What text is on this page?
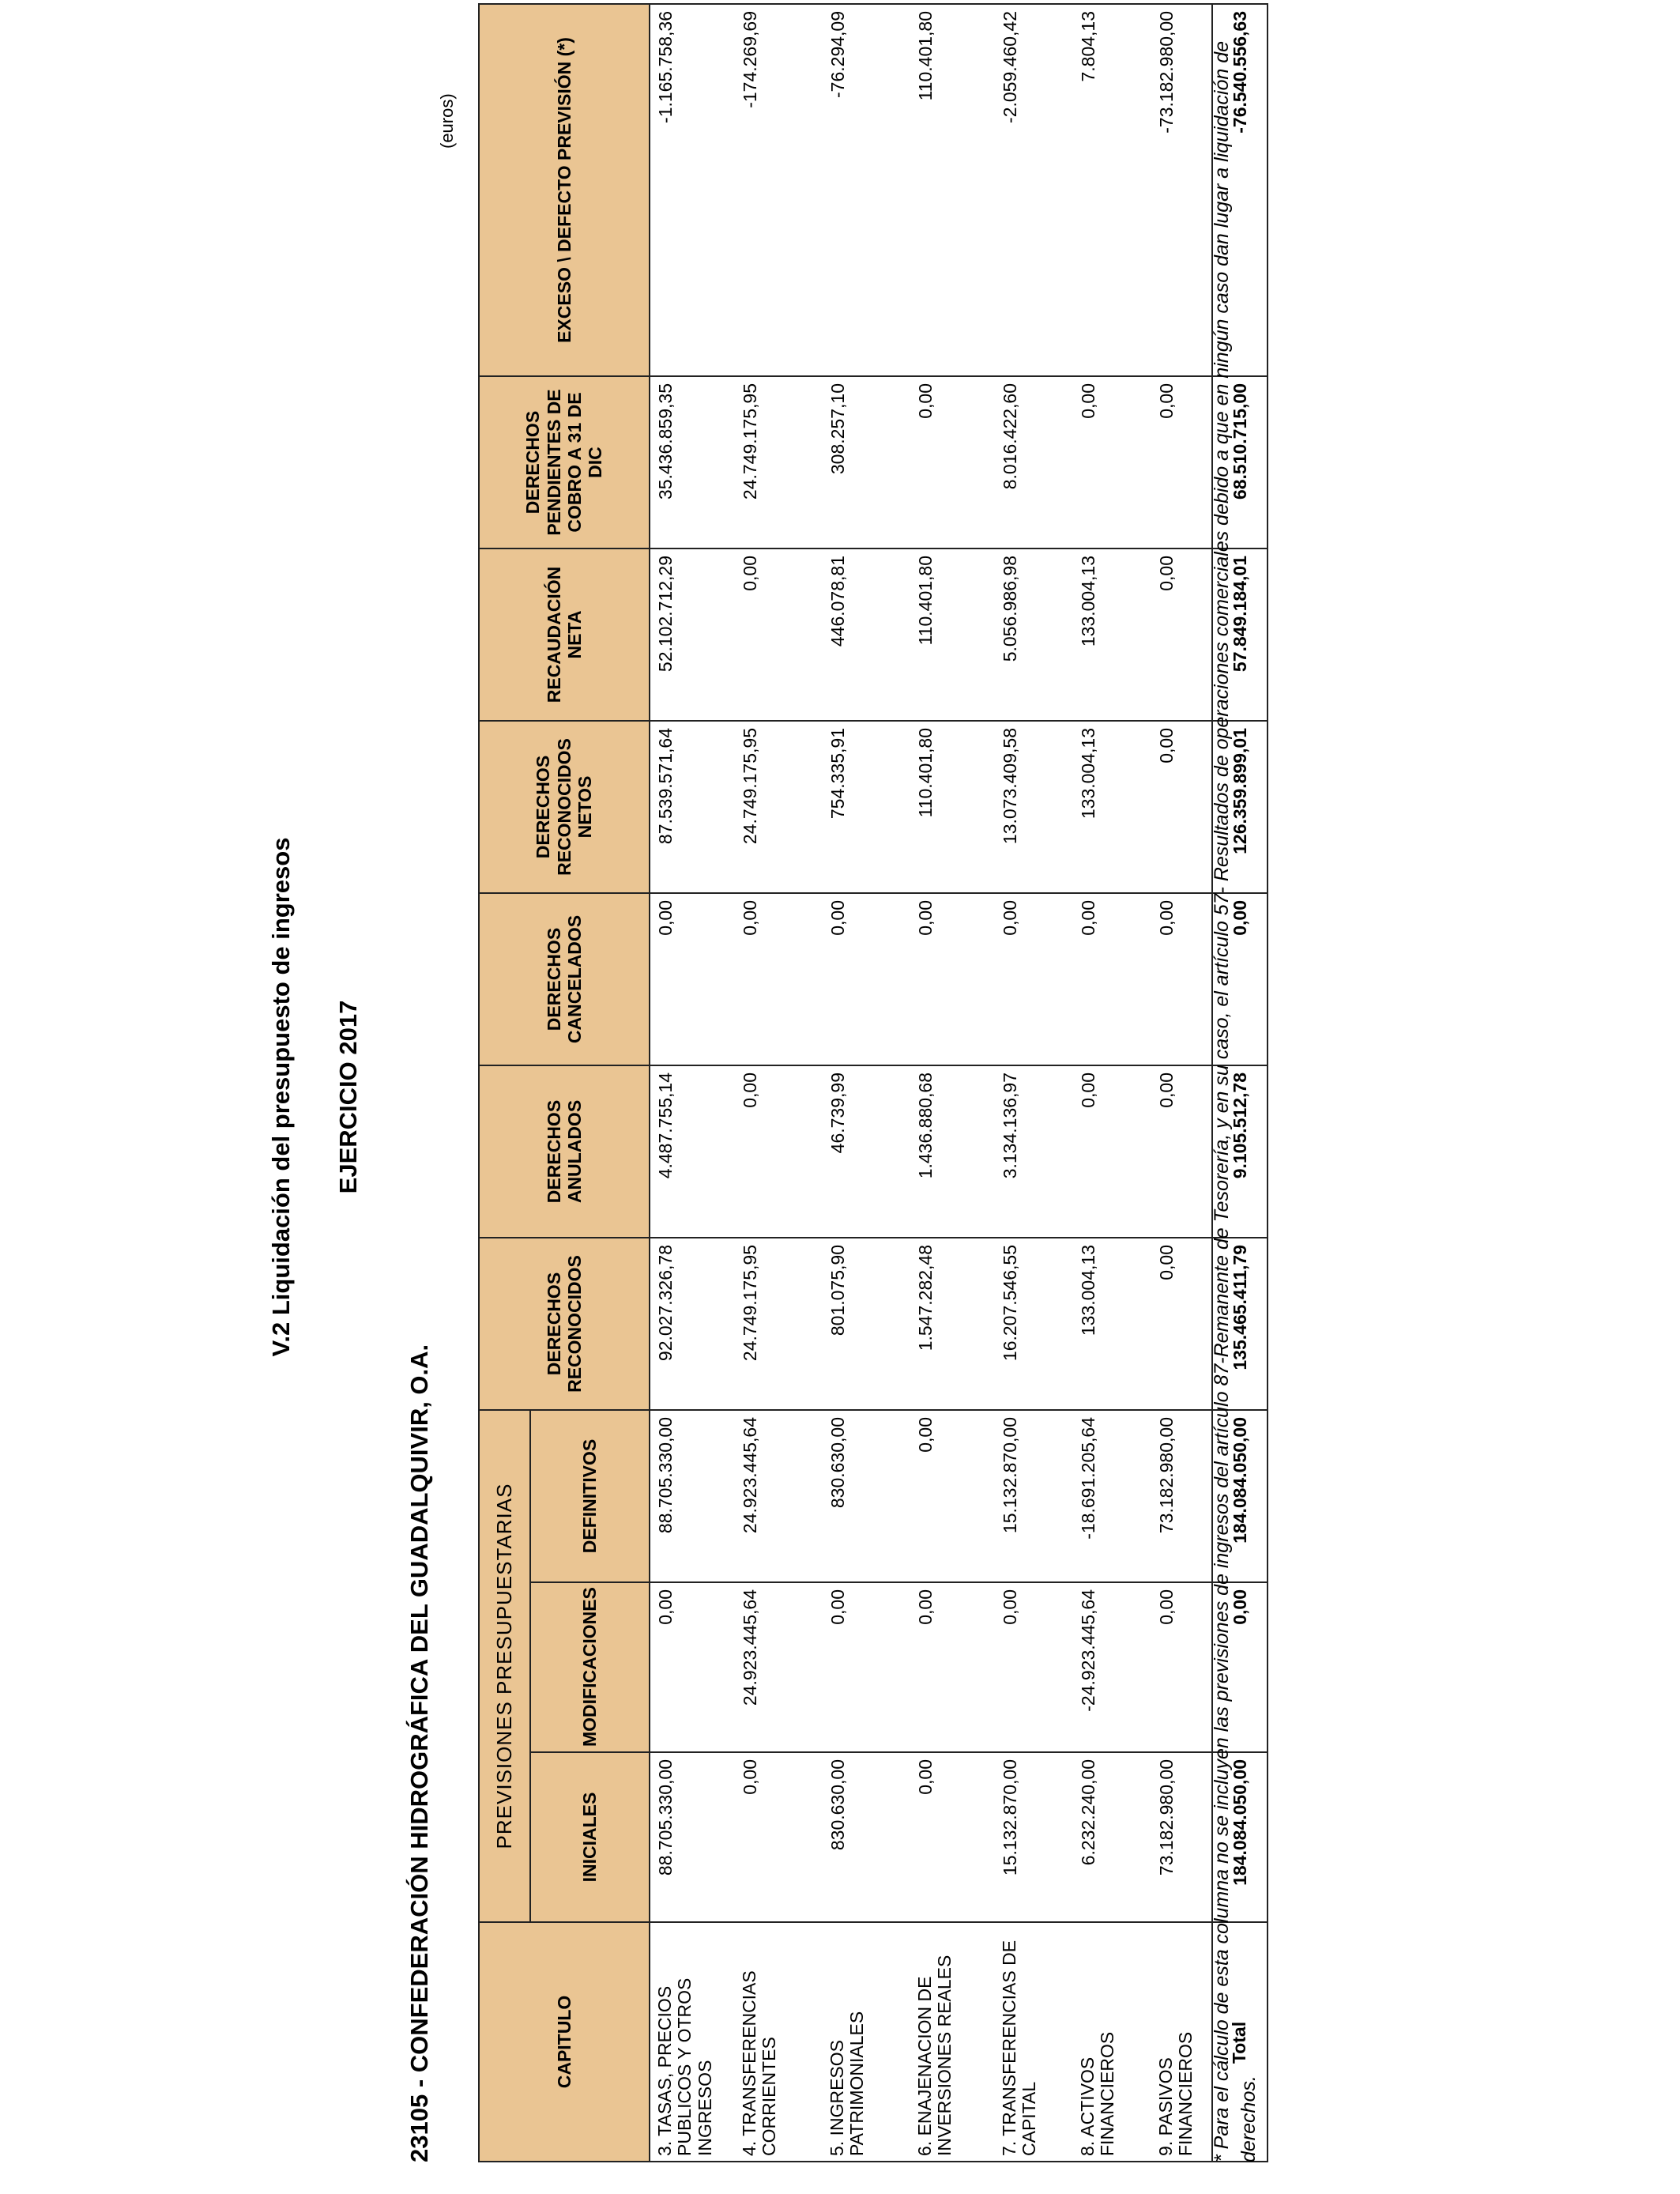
V.2 Liquidación del presupuesto de ingresos EJERCICIO 2017
23105 - CONFEDERACIÓN HIDROGRÁFICA DEL GUADALQUIVIR, O.A.
(euros)
CAPITULO	PREVISIONES PRESUPUESTARIAS			DERECHOS RECONOCIDOS	DERECHOS ANULADOS	DERECHOS CANCELADOS	DERECHOS RECONOCIDOS NETOS	RECAUDACIÓN NETA	DERECHOS PENDIENTES DE COBRO A 31 DE DIC	EXCESO \ DEFECTO PREVISIÓN (*)
	INICIALES	MODIFICACIONES	DEFINITIVOS							
3. TASAS, PRECIOS PUBLICOS Y OTROS INGRESOS	88.705.330,00	0,00	88.705.330,00	92.027.326,78	4.487.755,14	0,00	87.539.571,64	52.102.712,29	35.436.859,35	-1.165.758,36
4. TRANSFERENCIAS CORRIENTES	0,00	24.923.445,64	24.923.445,64	24.749.175,95	0,00	0,00	24.749.175,95	0,00	24.749.175,95	-174.269,69
5. INGRESOS PATRIMONIALES	830.630,00	0,00	830.630,00	801.075,90	46.739,99	0,00	754.335,91	446.078,81	308.257,10	-76.294,09
6. ENAJENACION DE INVERSIONES REALES	0,00	0,00	0,00	1.547.282,48	1.436.880,68	0,00	110.401,80	110.401,80	0,00	110.401,80
7. TRANSFERENCIAS DE CAPITAL	15.132.870,00	0,00	15.132.870,00	16.207.546,55	3.134.136,97	0,00	13.073.409,58	5.056.986,98	8.016.422,60	-2.059.460,42
8. ACTIVOS FINANCIEROS	6.232.240,00	-24.923.445,64	-18.691.205,64	133.004,13	0,00	0,00	133.004,13	133.004,13	0,00	7.804,13
9. PASIVOS FINANCIEROS	73.182.980,00	0,00	73.182.980,00	0,00	0,00	0,00	0,00	0,00	0,00	-73.182.980,00
Total	184.084.050,00	0,00	184.084.050,00	135.465.411,79	9.105.512,78	0,00	126.359.899,01	57.849.184,01	68.510.715,00	-76.540.556,63
* Para el cálculo de esta columna no se incluyen las previsiones de ingresos del artículo 87-Remanente de Tesorería, y en su caso, el artículo 57- Resultados de operaciones comerciales debido a que en ningún caso dan lugar a liquidación de derechos.
